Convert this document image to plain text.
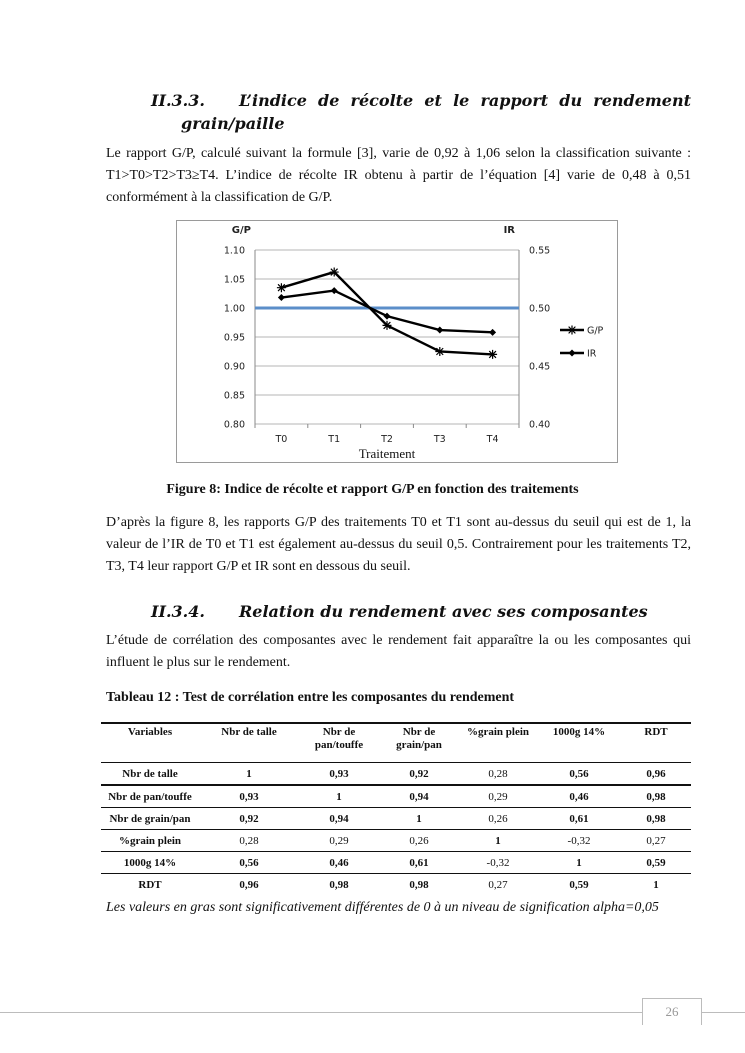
II.3.3. L’indice de récolte et le rapport du rendement
grain/paille

Le rapport G/P, calculé suivant la formule [3], varie de 0,92 à 1,06 selon la classification suivante : T1>T0>T2>T3≥T4. L’indice de récolte IR obtenu à partir de l’équation [4] varie de 0,48 à 0,51 conformément à la classification de G/P.

1.10
1.05
1.00
0.95
0.90
0.85
0.80
0.55
0.50
0.45
0.40
T0	T1	T2	T3	T4
G/P	IR
Traitement
G/P
IR
Figure 8: Indice de récolte et rapport G/P en fonction des traitements

D’après la figure 8, les rapports G/P des traitements T0 et T1 sont au-dessus du seuil qui est de 1, la valeur de l’IR de T0 et T1 est également au-dessus du seuil 0,5. Contrairement pour les traitements T2, T3, T4 leur rapport G/P et IR sont en dessous du seuil.

II.3.4. Relation du rendement avec ses composantes

L’étude de corrélation des composantes avec le rendement fait apparaître la ou les composantes qui influent le plus sur le rendement.

Tableau 12 : Test de corrélation entre les composantes du rendement
Variables	Nbr de talle	Nbr de pan/touffe	Nbr de grain/pan	%grain plein	1000g 14%	RDT
Nbr de talle	1	0,93	0,92	0,28	0,56	0,96
Nbr de pan/touffe	0,93	1	0,94	0,29	0,46	0,98
Nbr de grain/pan	0,92	0,94	1	0,26	0,61	0,98
%grain plein	0,28	0,29	0,26	1	-0,32	0,27
1000g 14%	0,56	0,46	0,61	-0,32	1	0,59
RDT	0,96	0,98	0,98	0,27	0,59	1
Les valeurs en gras sont significativement différentes de 0 à un niveau de signification alpha=0,05
26
